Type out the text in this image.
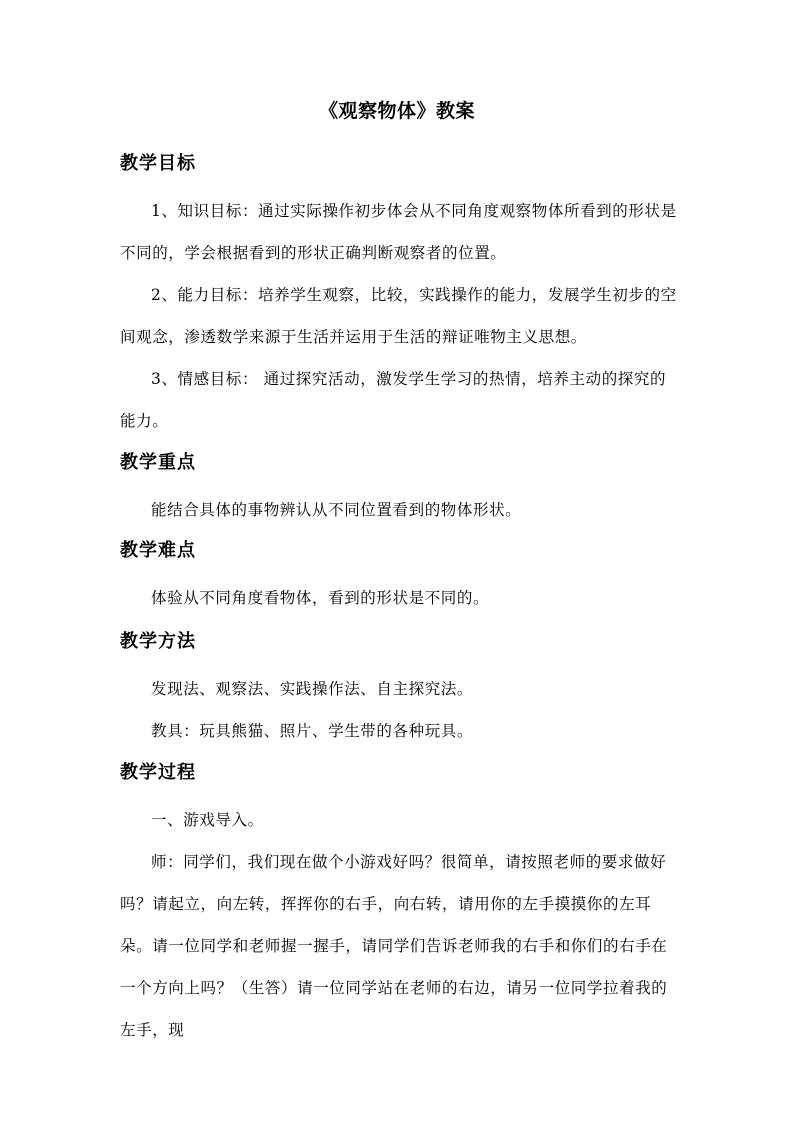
《观察物体》教案
教学目标
1、知识目标：通过实际操作初步体会从不同角度观察物体所看到的形状是不同的，学会根据看到的形状正确判断观察者的位置。
2、能力目标：培养学生观察，比较，实践操作的能力，发展学生初步的空间观念，渗透数学来源于生活并运用于生活的辩证唯物主义思想。
3、情感目标： 通过探究活动，激发学生学习的热情，培养主动的探究的能力。
教学重点
能结合具体的事物辨认从不同位置看到的物体形状。
教学难点
体验从不同角度看物体，看到的形状是不同的。
教学方法
发现法、观察法、实践操作法、自主探究法。
教具：玩具熊猫、照片、学生带的各种玩具。
教学过程
一、游戏导入。
师：同学们，我们现在做个小游戏好吗？很简单，请按照老师的要求做好吗？请起立，向左转，挥挥你的右手，向右转，请用你的左手摸摸你的左耳朵。请一位同学和老师握一握手，请同学们告诉老师我的右手和你们的右手在一个方向上吗？（生答）请一位同学站在老师的右边，请另一位同学拉着我的左手，现
